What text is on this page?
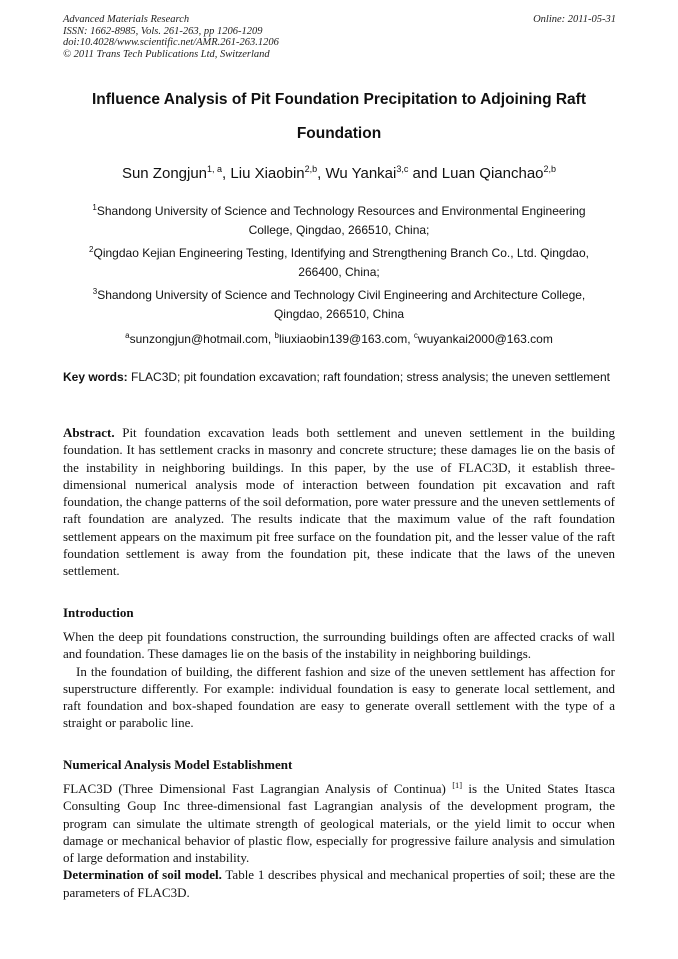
Advanced Materials Research
ISSN: 1662-8985, Vols. 261-263, pp 1206-1209
doi:10.4028/www.scientific.net/AMR.261-263.1206
© 2011 Trans Tech Publications Ltd, Switzerland
Online: 2011-05-31
Influence Analysis of Pit Foundation Precipitation to Adjoining Raft
Foundation
Sun Zongjun$^{1, a}$, Liu Xiaobin$^{2,b}$, Wu Yankai$^{3,c}$ and Luan Qianchao$^{2,b}$
$^1$Shandong University of Science and Technology Resources and Environmental Engineering
College, Qingdao, 266510, China;
$^2$Qingdao Kejian Engineering Testing, Identifying and Strengthening Branch Co., Ltd. Qingdao,
266400, China;
$^3$Shandong University of Science and Technology Civil Engineering and Architecture College,
Qingdao, 266510, China
$^a$sunzongjun@hotmail.com, $^b$liuxiaobin139@163.com, $^c$wuyankai2000@163.com
Key words: FLAC3D; pit foundation excavation; raft foundation; stress analysis; the uneven settlement
Abstract. Pit foundation excavation leads both settlement and uneven settlement in the building foundation. It has settlement cracks in masonry and concrete structure; these damages lie on the basis of the instability in neighboring buildings. In this paper, by the use of FLAC3D, it establish three-dimensional numerical analysis mode of interaction between foundation pit excavation and raft foundation, the change patterns of the soil deformation, pore water pressure and the uneven settlements of raft foundation are analyzed. The results indicate that the maximum value of the raft foundation settlement appears on the maximum pit free surface on the foundation pit, and the lesser value of the raft foundation settlement is away from the foundation pit, these indicate that the laws of the uneven settlement.
Introduction
When the deep pit foundations construction, the surrounding buildings often are affected cracks of wall and foundation. These damages lie on the basis of the instability in neighboring buildings.
In the foundation of building, the different fashion and size of the uneven settlement has affection for superstructure differently. For example: individual foundation is easy to generate local settlement, and raft foundation and box-shaped foundation are easy to generate overall settlement with the type of a straight or parabolic line.
Numerical Analysis Model Establishment
FLAC3D (Three Dimensional Fast Lagrangian Analysis of Continua) [1] is the United States Itasca Consulting Goup Inc three-dimensional fast Lagrangian analysis of the development program, the program can simulate the ultimate strength of geological materials, or the yield limit to occur when damage or mechanical behavior of plastic flow, especially for progressive failure analysis and simulation of large deformation and instability.
Determination of soil model. Table 1 describes physical and mechanical properties of soil; these are the parameters of FLAC3D.
